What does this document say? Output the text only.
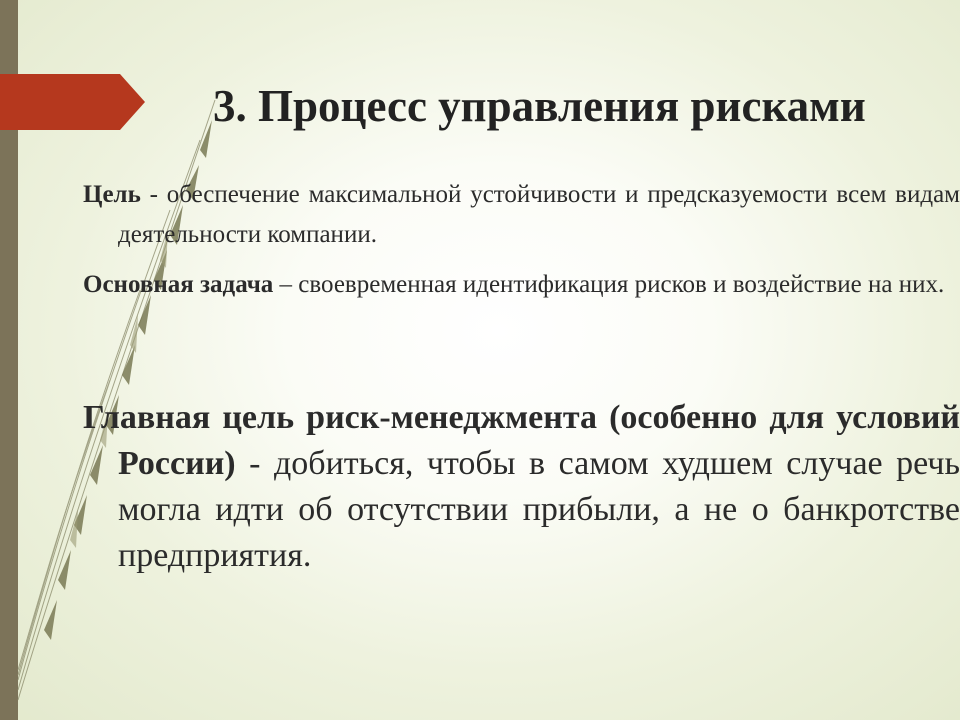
3. Процесс управления рисками

Цель - обеспечение максимальной устойчивости и предсказуемости всем видам деятельности компании.

Основная задача – своевременная идентификация рисков и воздействие на них.

Главная цель риск-менеджмента (особенно для условий России) - добиться, чтобы в самом худшем случае речь могла идти об отсутствии прибыли, а не о банкротстве предприятия.
